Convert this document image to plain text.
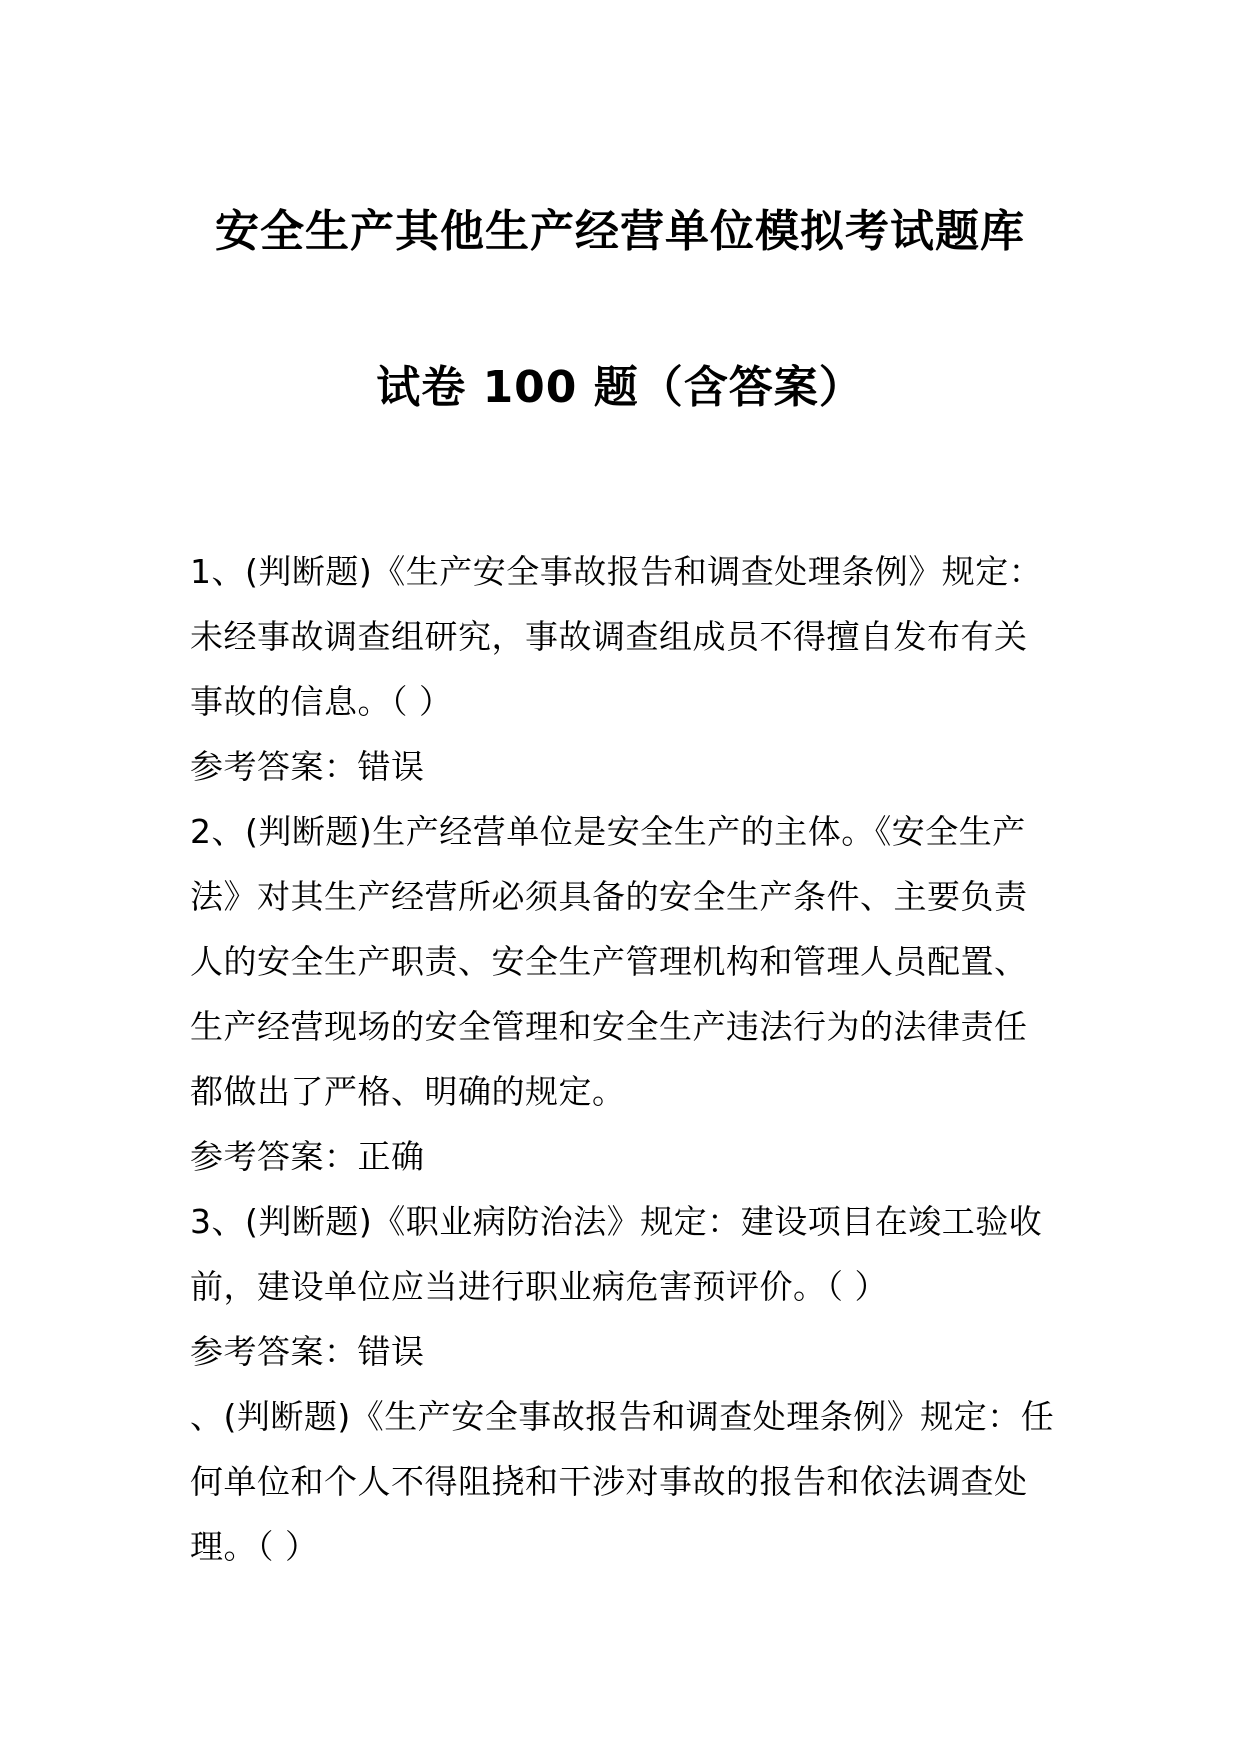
安全生产其他生产经营单位模拟考试题库
试卷 100 题（含答案）
1、(判断题)《生产安全事故报告和调查处理条例》规定：
未经事故调查组研究，事故调查组成员不得擅自发布有关
事故的信息。（ ）
参考答案：错误
2、(判断题)生产经营单位是安全生产的主体。《安全生产
法》对其生产经营所必须具备的安全生产条件、主要负责
人的安全生产职责、安全生产管理机构和管理人员配置、
生产经营现场的安全管理和安全生产违法行为的法律责任
都做出了严格、明确的规定。
参考答案：正确
3、(判断题)《职业病防治法》规定：建设项目在竣工验收
前，建设单位应当进行职业病危害预评价。（ ）
参考答案：错误
、(判断题)《生产安全事故报告和调查处理条例》规定：任
何单位和个人不得阻挠和干涉对事故的报告和依法调查处
理。（ ）
